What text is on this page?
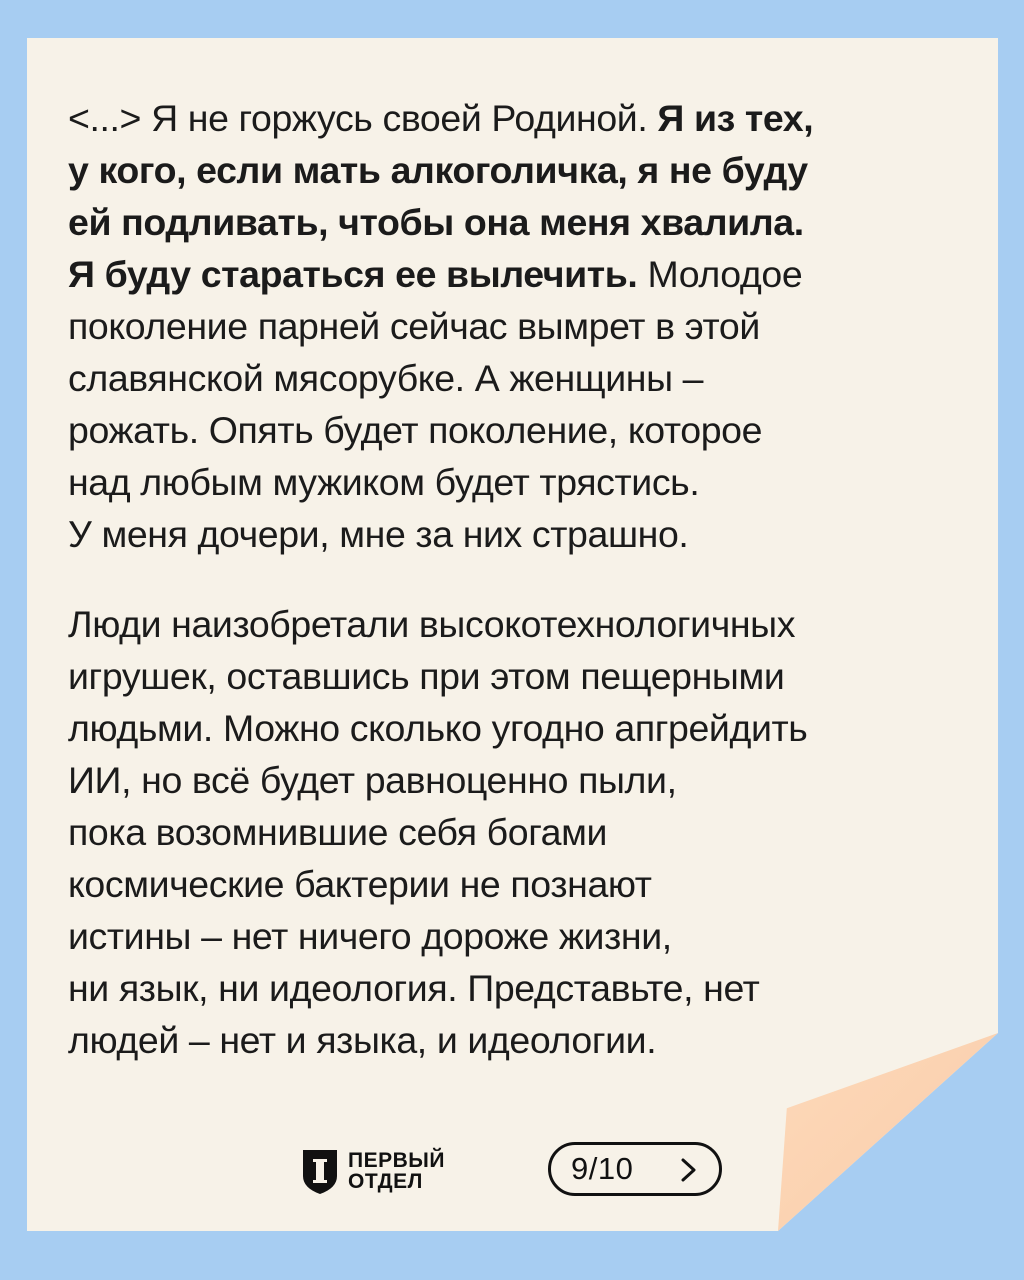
<...> Я не горжусь своей Родиной. Я из тех,
у кого, если мать алкоголичка, я не буду
ей подливать, чтобы она меня хвалила.
Я буду стараться ее вылечить. Молодое
поколение парней сейчас вымрет в этой
славянской мясорубке. А женщины –
рожать. Опять будет поколение, которое
над любым мужиком будет трястись.
У меня дочери, мне за них страшно.

Люди наизобретали высокотехнологичных
игрушек, оставшись при этом пещерными
людьми. Можно сколько угодно апгрейдить
ИИ, но всё будет равноценно пыли,
пока возомнившие себя богами
космические бактерии не познают
истины – нет ничего дороже жизни,
ни язык, ни идеология. Представьте, нет
людей – нет и языка, и идеологии.

ПЕРВЫЙ
ОТДЕЛ	9/10
